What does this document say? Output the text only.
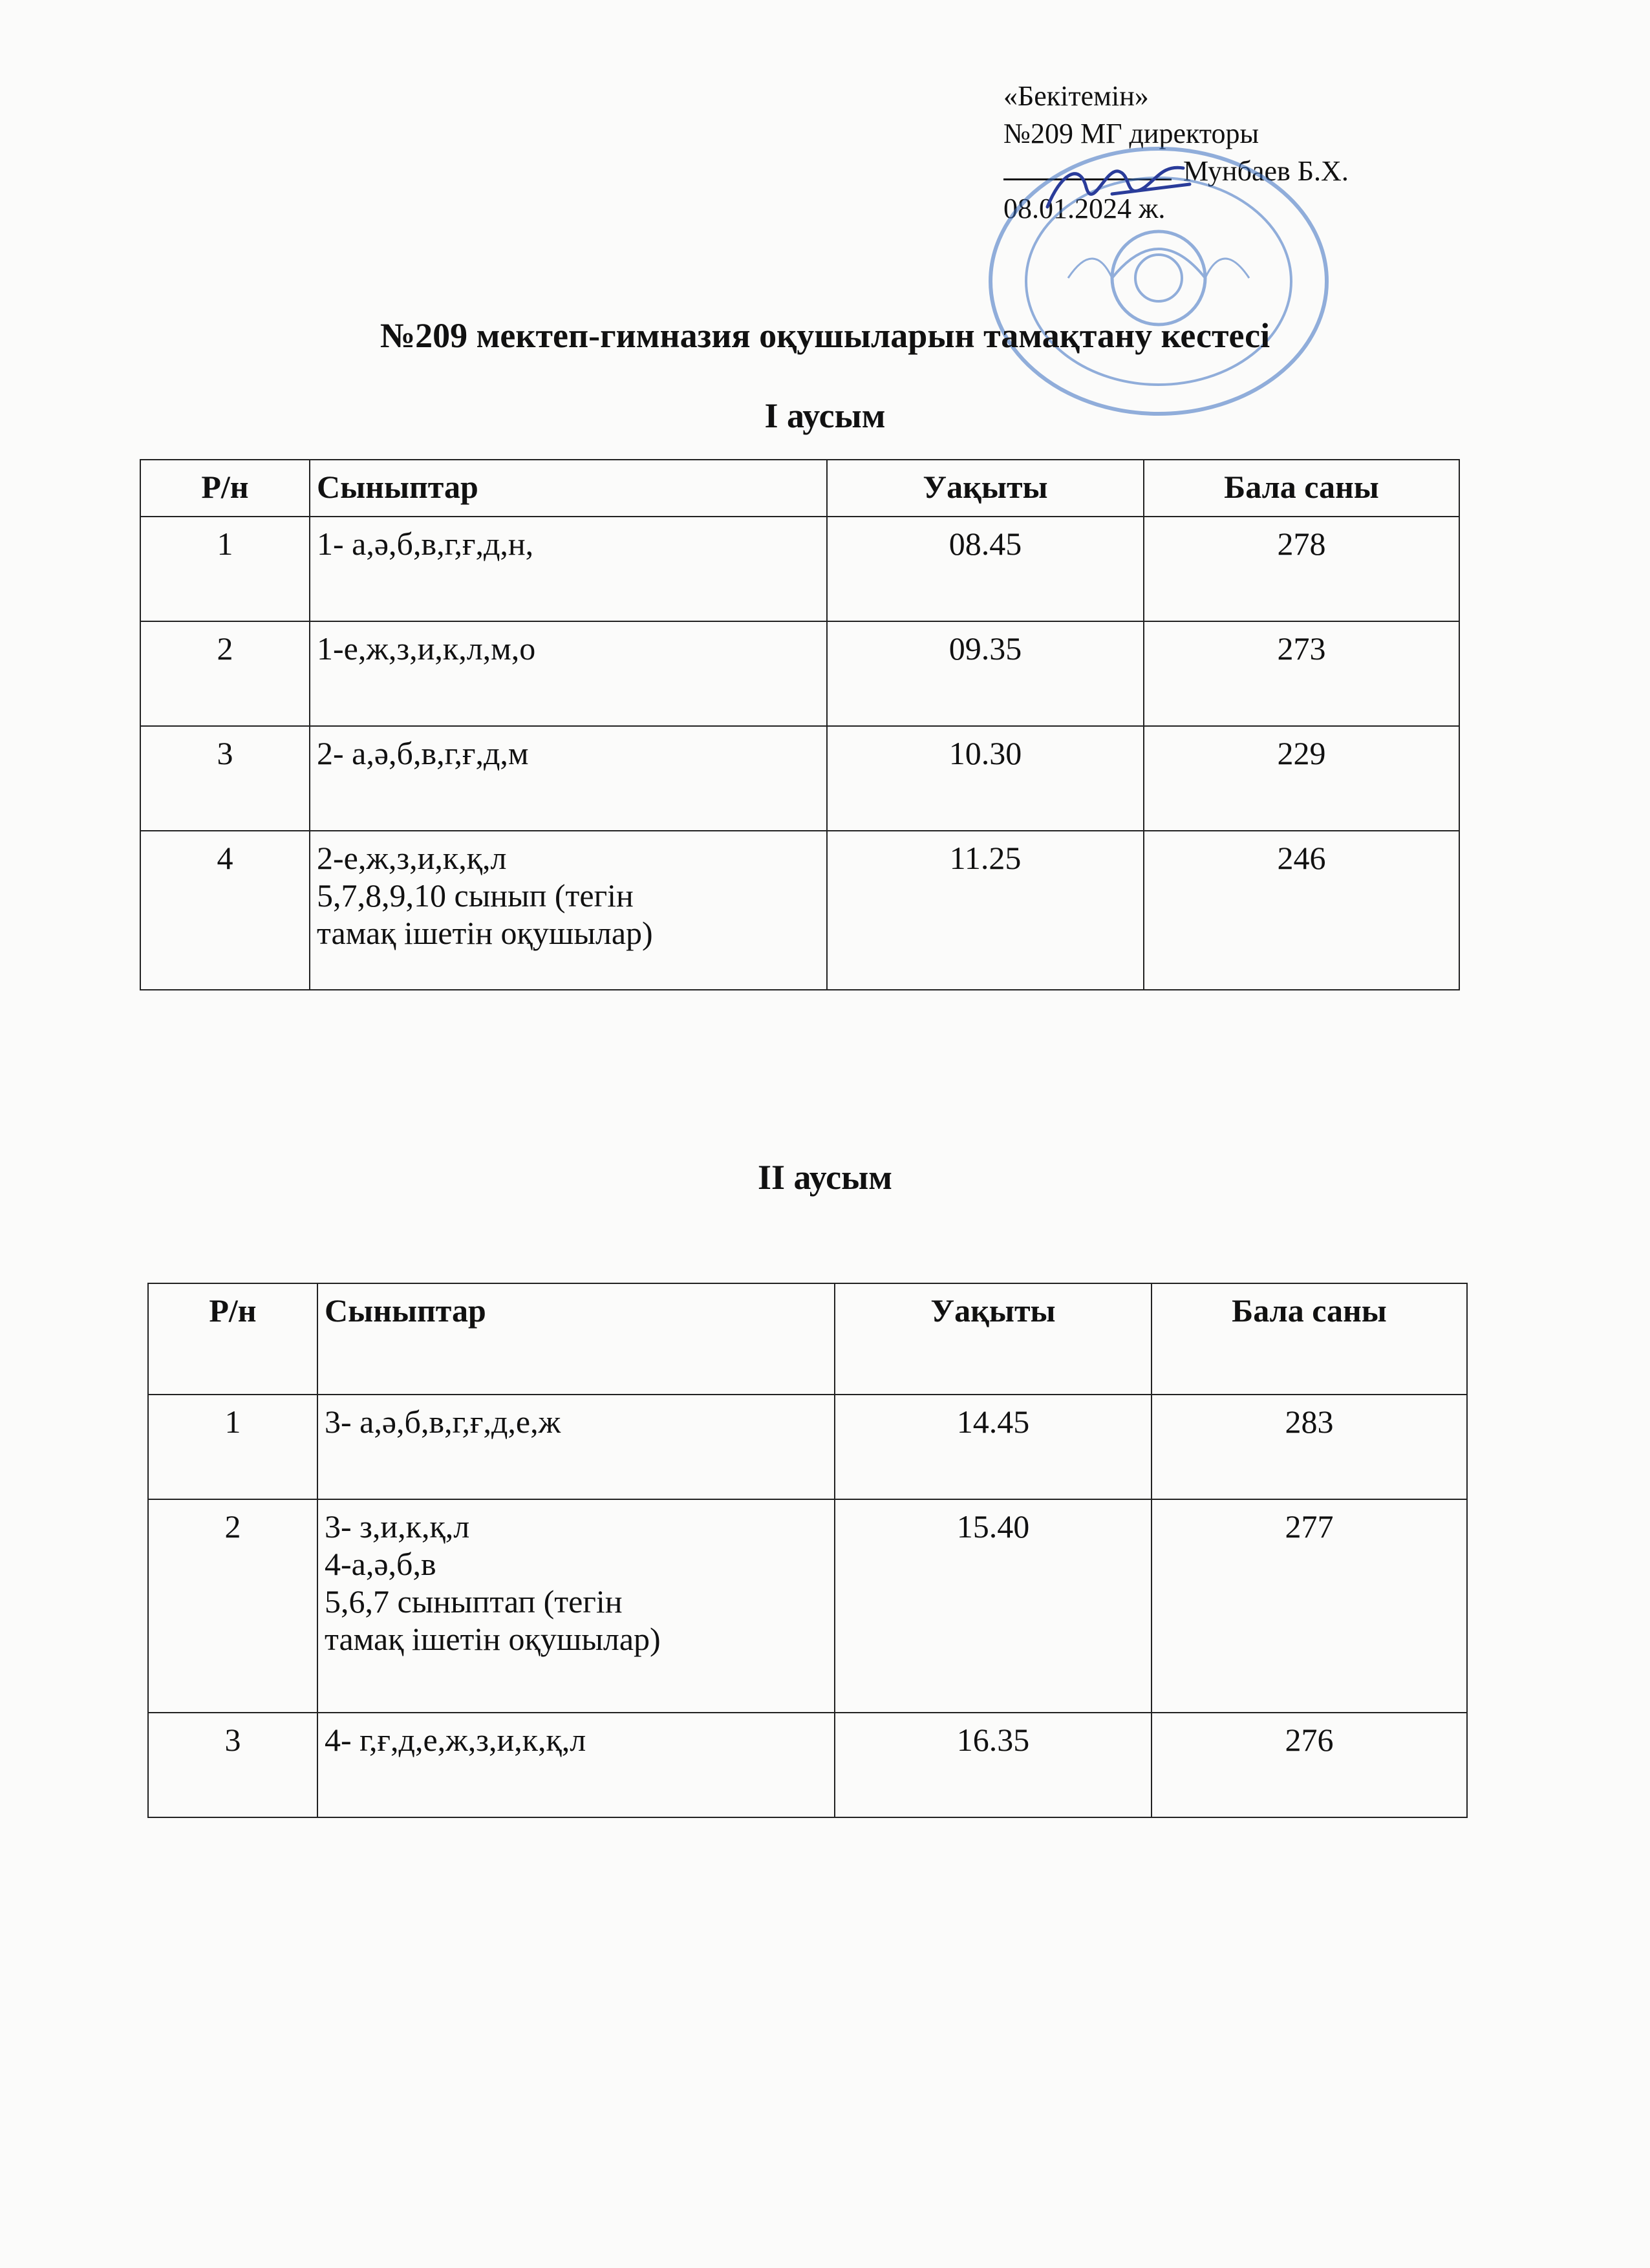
«Бекітемін»
№209 МГ директоры
Мунбаев Б.Х.
08.01.2024 ж.
№209 мектеп-гимназия оқушыларын тамақтану кестесі
I аусым
Р/н	Сыныптар	Уақыты	Бала саны
1	1- а,ә,б,в,г,ғ,д,н,	08.45	278
2	1-е,ж,з,и,к,л,м,о	09.35	273
3	2- а,ә,б,в,г,ғ,д,м	10.30	229
4	2-е,ж,з,и,к,қ,л
5,7,8,9,10 сынып (тегін
тамақ ішетін оқушылар)	11.25	246
II аусым
Р/н	Сыныптар	Уақыты	Бала саны
1	3- а,ә,б,в,г,ғ,д,е,ж	14.45	283
2	3- з,и,к,қ,л
4-а,ә,б,в
5,6,7 сыныптап (тегін
тамақ ішетін оқушылар)	15.40	277
3	4- г,ғ,д,е,ж,з,и,к,қ,л	16.35	276
